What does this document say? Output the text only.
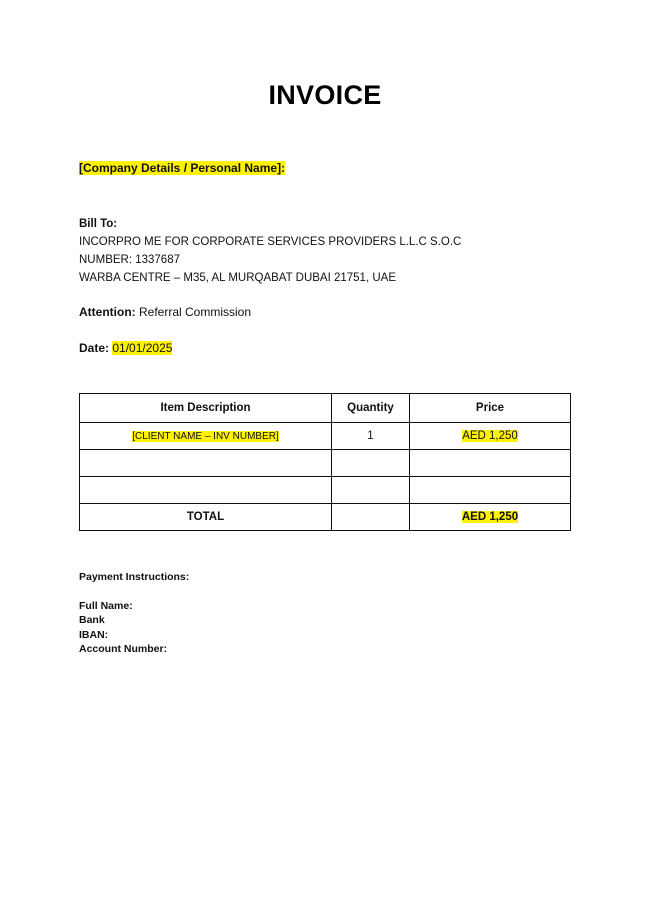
INVOICE
[Company Details / Personal Name]:
Bill To:
INCORPRO ME FOR CORPORATE SERVICES PROVIDERS L.L.C S.O.C
NUMBER: 1337687
WARBA CENTRE – M35, AL MURQABAT DUBAI 21751, UAE
Attention: Referral Commission
Date: 01/01/2025
Item Description	Quantity	Price
[CLIENT NAME – INV NUMBER]	1	AED 1,250

TOTAL		AED 1,250
Payment Instructions:
Full Name:
Bank
IBAN:
Account Number:
